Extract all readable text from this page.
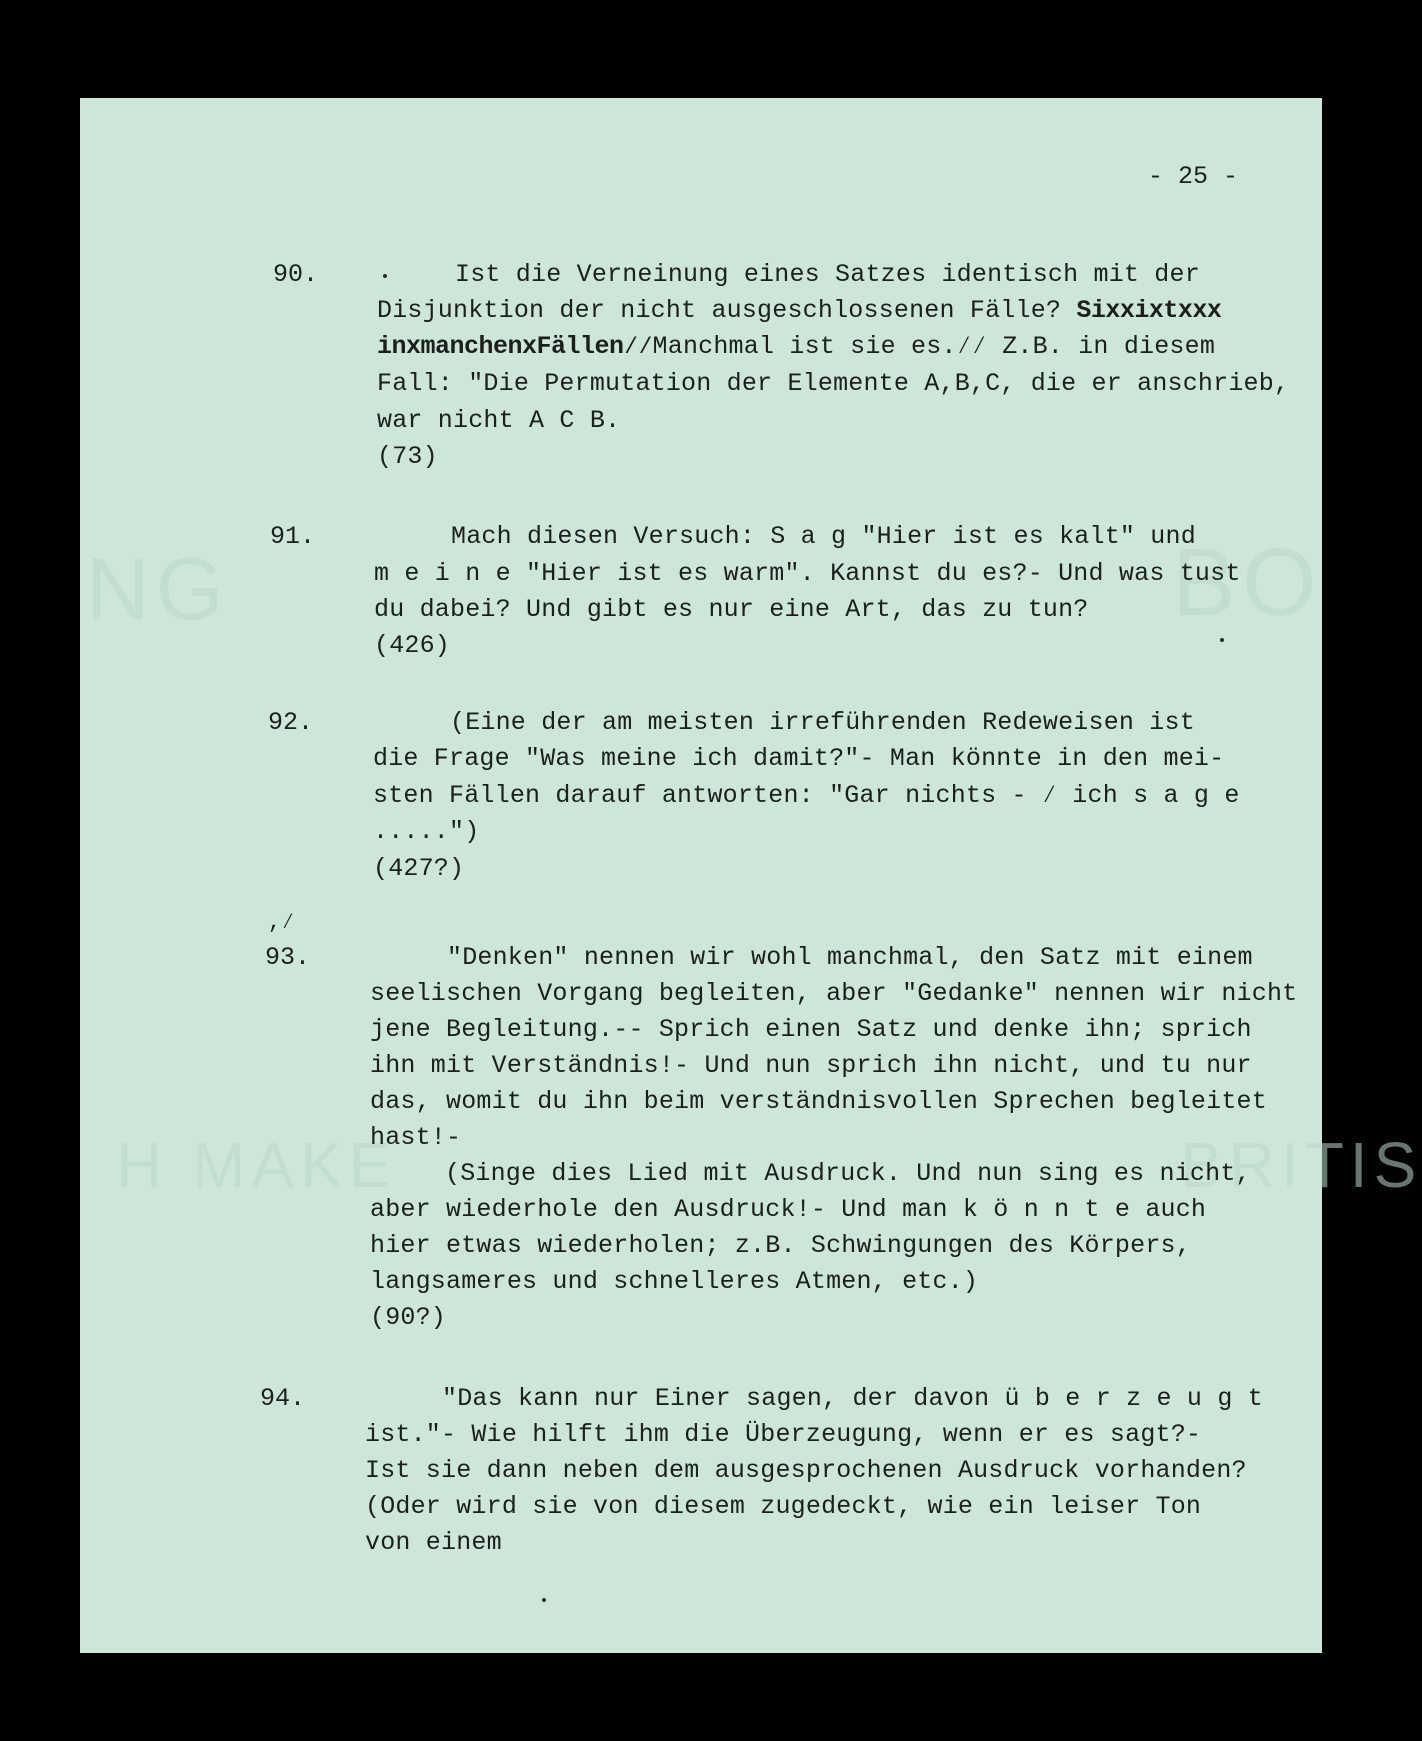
NG	BO
H MAKE	BRITIS
- 25 -
90.	Ist die Verneinung eines Satzes identisch mit der
Disjunktion der nicht ausgeschlossenen Fälle? Sixxixtxxx
inxmanchenxFällen∕∕Manchmal ist sie es.∕∕ Z.B. in diesem
Fall: "Die Permutation der Elemente A,B,C, die er anschrieb,
war nicht A C B.
(73)
91.	Mach diesen Versuch: S a g "Hier ist es kalt" und
m e i n e "Hier ist es warm". Kannst du es?- Und was tust
du dabei? Und gibt es nur eine Art, das zu tun?
(426)
92.	(Eine der am meisten irreführenden Redeweisen ist
die Frage "Was meine ich damit?"- Man könnte in den mei-
sten Fällen darauf antworten: "Gar nichts - ∕ ich s a g e
.....")
(427?)
,∕
93.	"Denken" nennen wir wohl manchmal, den Satz mit einem
seelischen Vorgang begleiten, aber "Gedanke" nennen wir nicht
jene Begleitung.-- Sprich einen Satz und denke ihn; sprich
ihn mit Verständnis!- Und nun sprich ihn nicht, und tu nur
das, womit du ihn beim verständnisvollen Sprechen begleitet
hast!-
(Singe dies Lied mit Ausdruck. Und nun sing es nicht,
aber wiederhole den Ausdruck!- Und man k ö n n t e auch
hier etwas wiederholen; z.B. Schwingungen des Körpers,
langsameres und schnelleres Atmen, etc.)
(90?)
94.	"Das kann nur Einer sagen, der davon ü b e r z e u g t
ist."- Wie hilft ihm die Überzeugung, wenn er es sagt?-
Ist sie dann neben dem ausgesprochenen Ausdruck vorhanden?
(Oder wird sie von diesem zugedeckt, wie ein leiser Ton
von einem
